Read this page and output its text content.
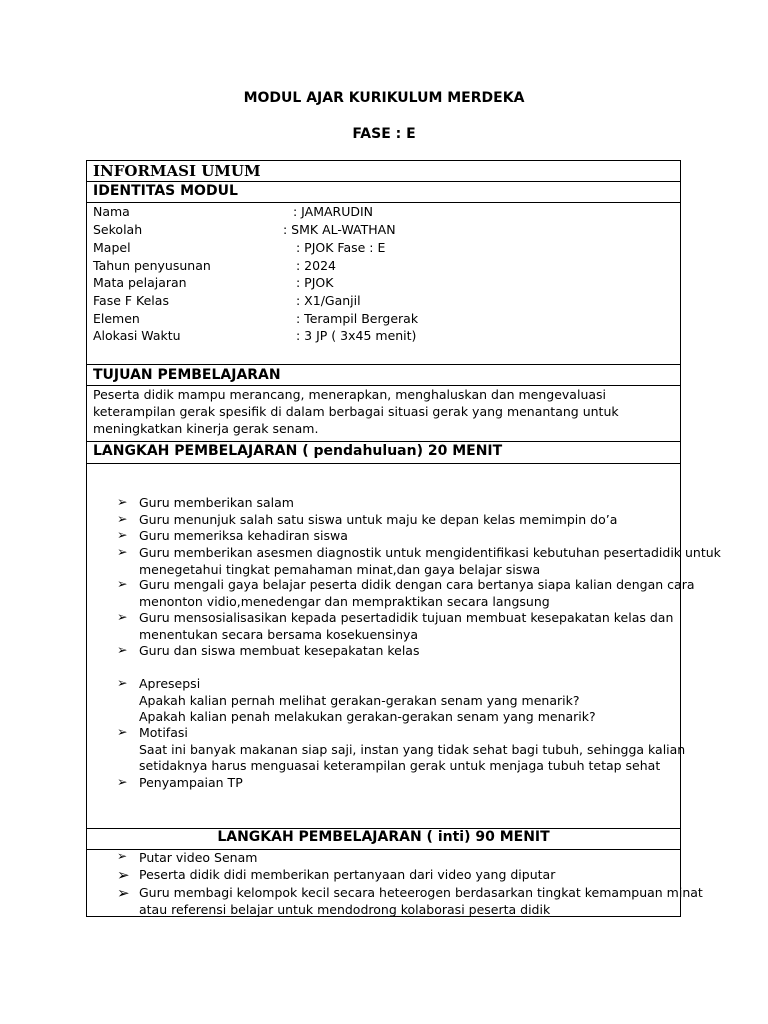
MODUL AJAR KURIKULUM MERDEKA
FASE : E
INFORMASI UMUM
IDENTITAS MODUL
Nama	: JAMARUDIN
Sekolah	: SMK AL-WATHAN
Mapel	: PJOK Fase : E
Tahun penyusunan	: 2024
Mata pelajaran	: PJOK
Fase F Kelas	: X1/Ganjil
Elemen	: Terampil Bergerak
Alokasi Waktu	: 3 JP ( 3x45 menit)
TUJUAN PEMBELAJARAN
Peserta didik mampu merancang, menerapkan, menghaluskan dan mengevaluasi keterampilan gerak spesifik di dalam berbagai situasi gerak yang menantang untuk meningkatkan kinerja gerak senam.
LANGKAH PEMBELAJARAN ( pendahuluan) 20 MENIT
➢ Guru memberikan salam
➢ Guru menunjuk salah satu siswa untuk maju ke depan kelas memimpin do’a
➢ Guru memeriksa kehadiran siswa
➢ Guru memberikan asesmen diagnostik untuk mengidentifikasi kebutuhan pesertadidik untuk
menegetahui tingkat pemahaman minat,dan gaya belajar siswa
➢ Guru mengali gaya belajar peserta didik dengan cara bertanya siapa kalian dengan cara
menonton vidio,menedengar dan mempraktikan secara langsung
➢ Guru mensosialisasikan kepada pesertadidik tujuan membuat kesepakatan kelas dan
menentukan secara bersama kosekuensinya
➢ Guru dan siswa membuat kesepakatan kelas
➢ Apresepsi
Apakah kalian pernah melihat gerakan-gerakan senam yang menarik?
Apakah kalian penah melakukan gerakan-gerakan senam yang menarik?
➢ Motifasi
Saat ini banyak makanan siap saji, instan yang tidak sehat bagi tubuh, sehingga kalian
setidaknya harus menguasai keterampilan gerak untuk menjaga tubuh tetap sehat
➢ Penyampaian TP
LANGKAH PEMBELAJARAN ( inti) 90 MENIT
➢ Putar video Senam
➢ Peserta didik didi memberikan pertanyaan dari video yang diputar
➢ Guru membagi kelompok kecil secara heteerogen berdasarkan tingkat kemampuan minat
atau referensi belajar untuk mendodrong kolaborasi peserta didik
